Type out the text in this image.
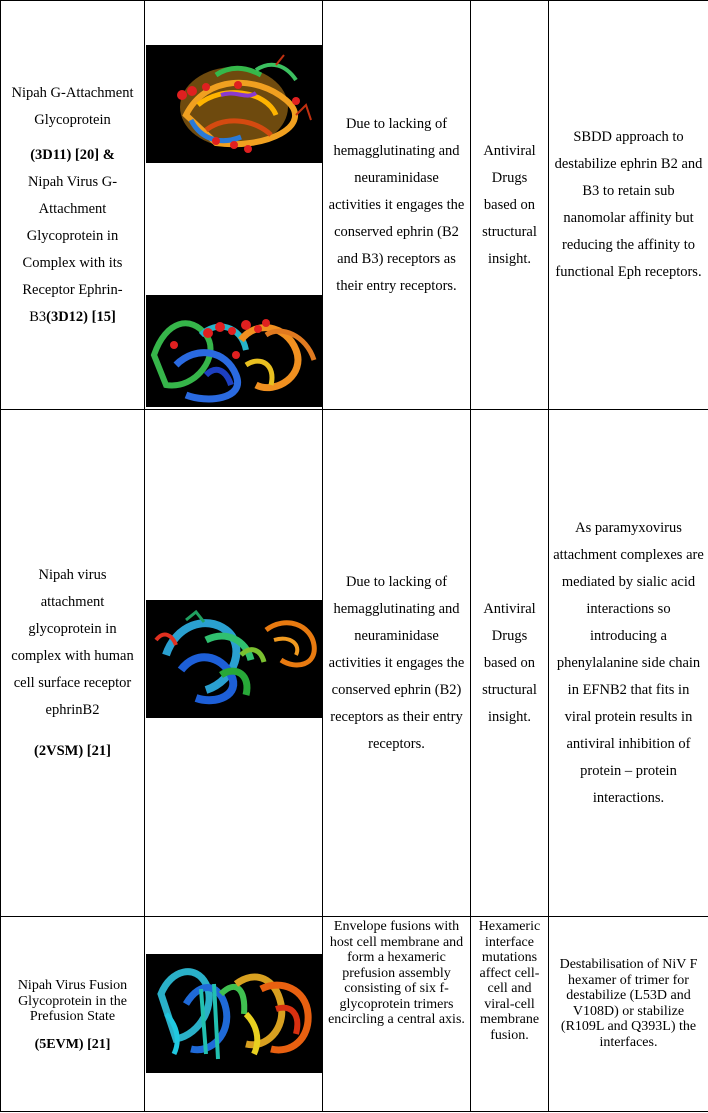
Nipah G-Attachment Glycoprotein
(3D11) [20] &
Nipah Virus G-Attachment Glycoprotein in Complex with its Receptor Ephrin-B3(3D12) [15]		Due to lacking of hemagglutinating and neuraminidase activities it engages the conserved ephrin (B2 and B3) receptors as their entry receptors.	Antiviral Drugs based on structural insight.	SBDD approach to destabilize ephrin B2 and B3 to retain sub nanomolar affinity but reducing the affinity to functional Eph receptors.

Nipah virus attachment glycoprotein in complex with human cell surface receptor ephrinB2
(2VSM) [21]		Due to lacking of hemagglutinating and neuraminidase activities it engages the conserved ephrin (B2) receptors as their entry receptors.	Antiviral Drugs based on structural insight.	As paramyxovirus attachment complexes are mediated by sialic acid interactions so introducing a phenylalanine side chain in EFNB2 that fits in viral protein results in antiviral inhibition of protein – protein interactions.

Nipah Virus Fusion Glycoprotein in the Prefusion State
(5EVM) [21]		Envelope fusions with host cell membrane and form a hexameric prefusion assembly consisting of six f-glycoprotein trimers encircling a central axis.	Hexameric interface mutations affect cell-cell and viral-cell membrane fusion.	Destabilisation of NiV F hexamer of trimer for destabilize (L53D and V108D) or stabilize (R109L and Q393L) the interfaces.
